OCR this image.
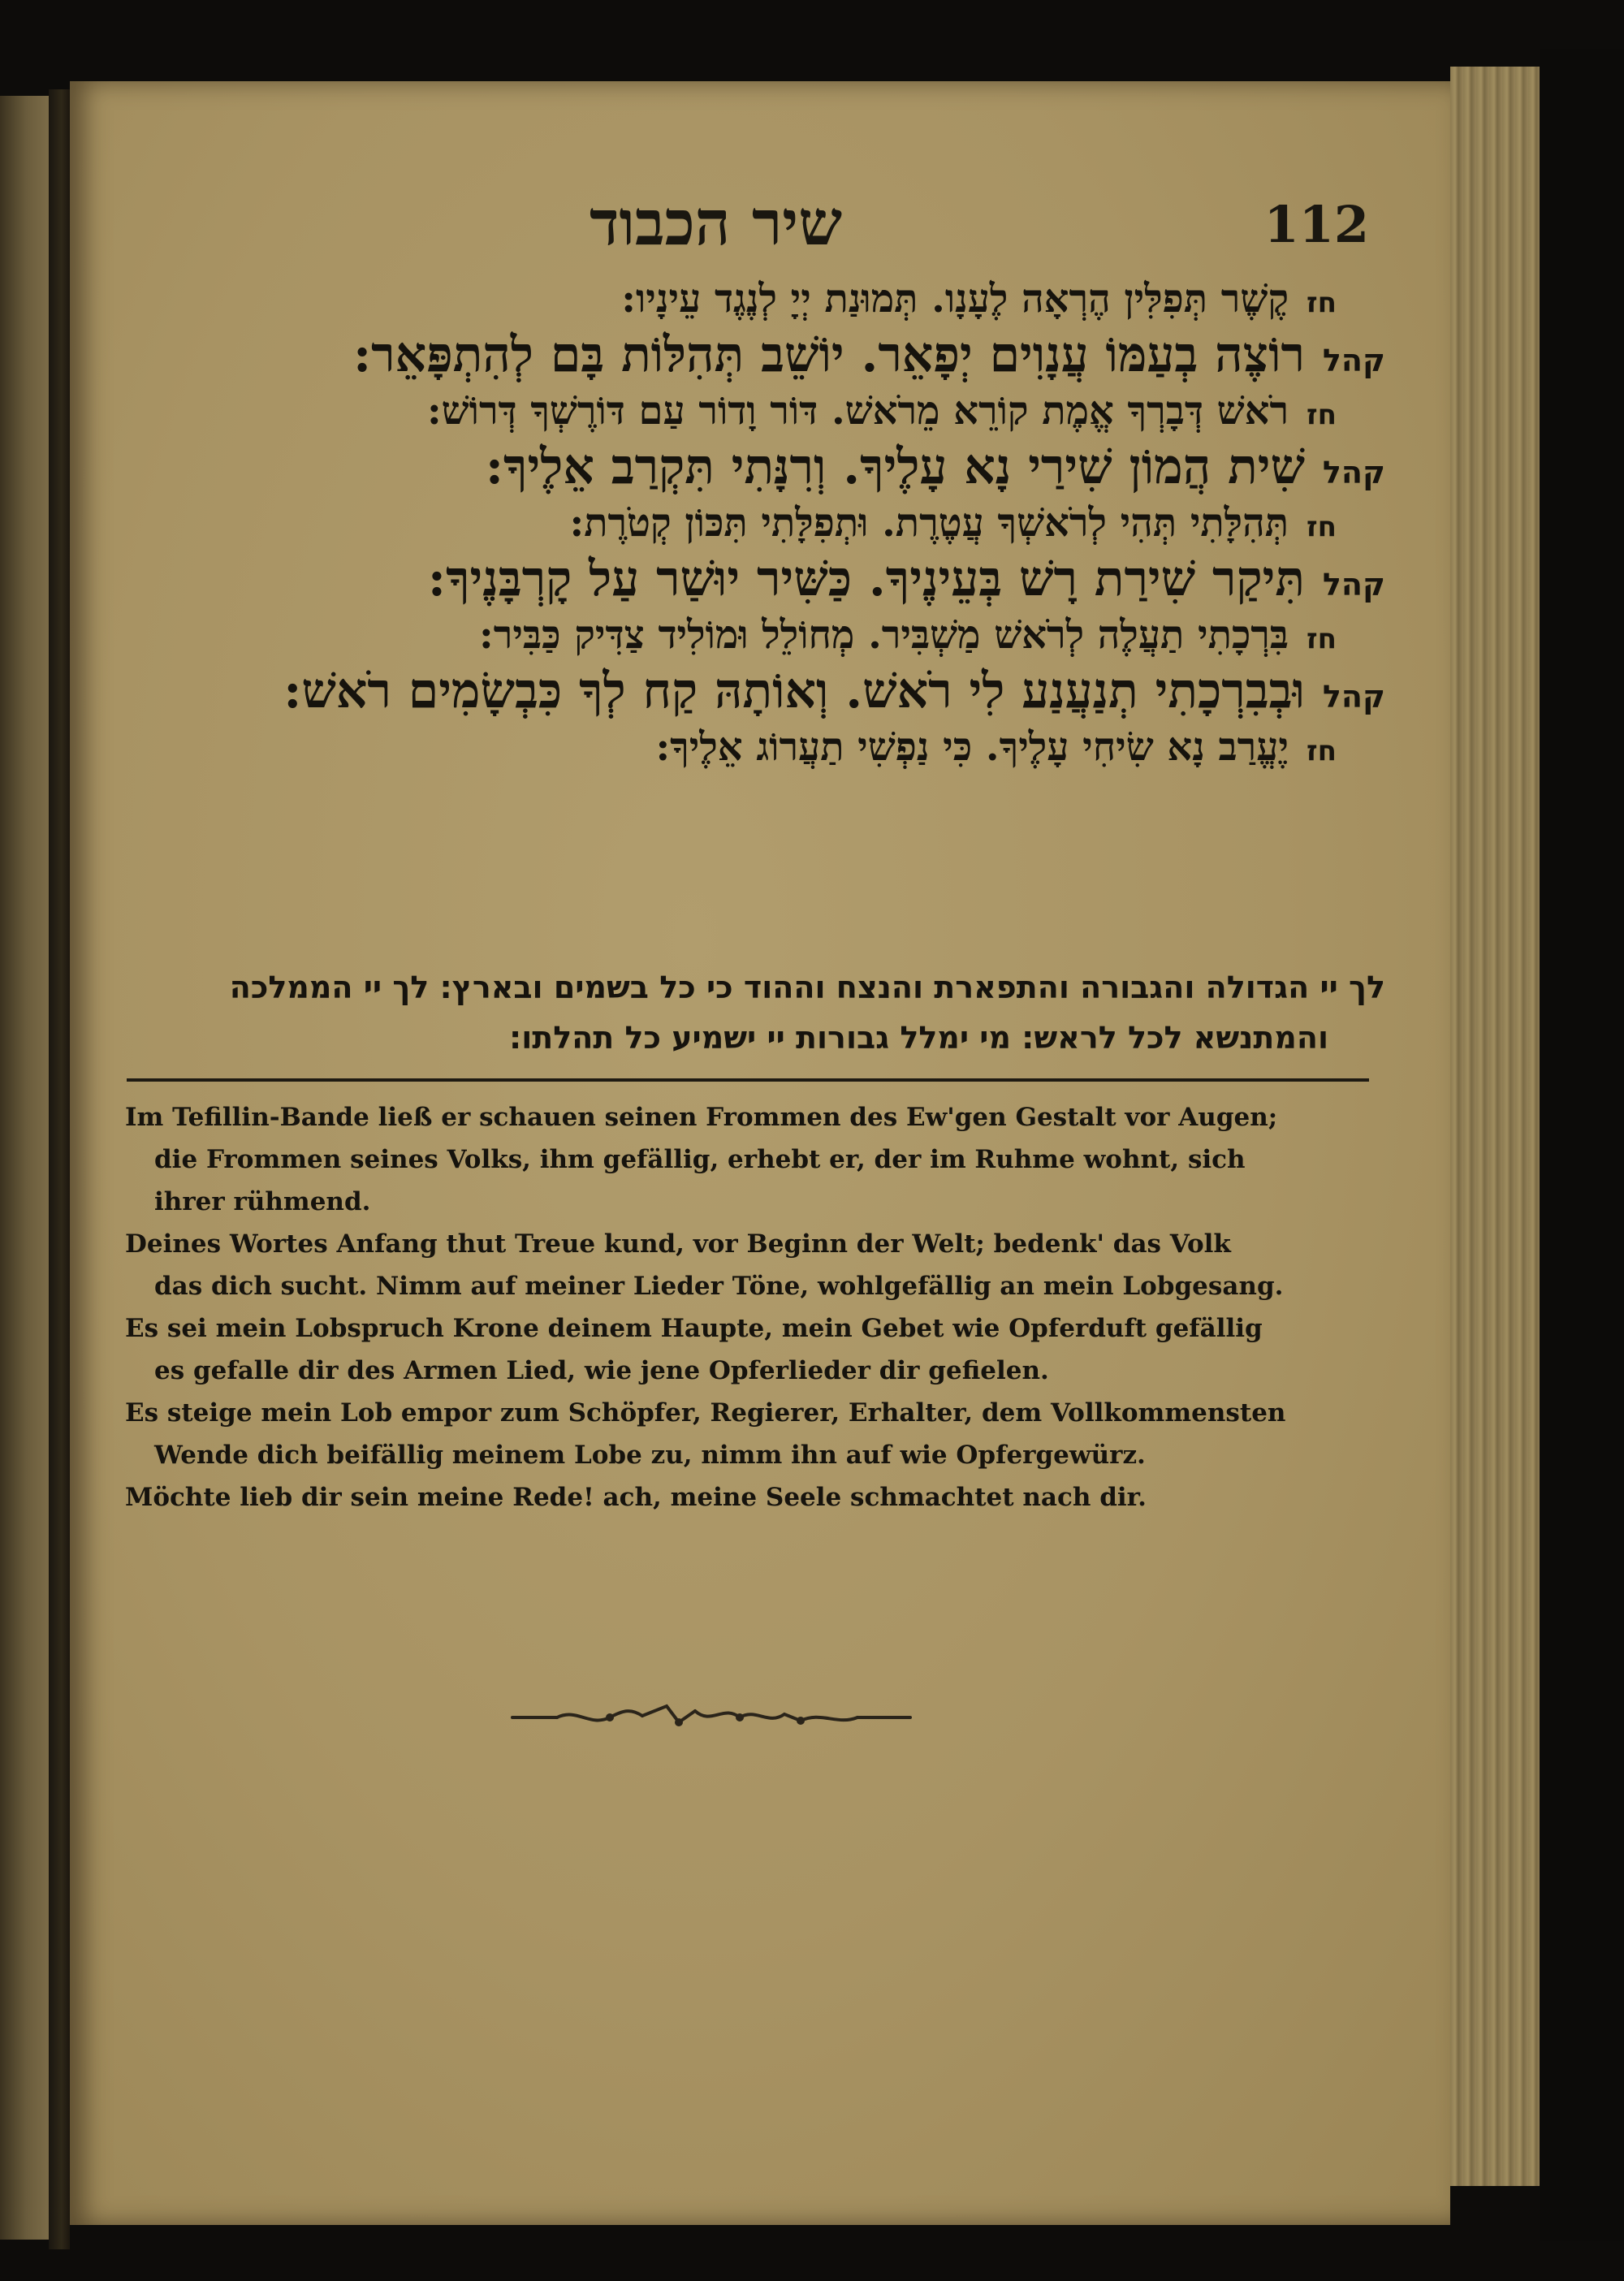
שיר הכבוד	112
חז
קֶשֶׁר תְּפִלִּין הֶרְאָה לֶעָנָו. תְּמוּנַת יְיָ לְנֶגֶד עֵינָיו:
קהל
רוֹצֶה בְעַמּוֹ עֲנָוִים יְפָאֵר. יוֹשֵׁב תְּהִלּוֹת בָּם לְהִתְפָּאֵר:
חז
רֹאשׁ דְּבָרְךָ אֱמֶת קוֹרֵא מֵרֹאשׁ. דּוֹר וָדוֹר עַם דּוֹרֶשְׁךָ דְּרוֹשׁ:
קהל
שִׁית הֲמוֹן שִׁירַי נָא עָלֶיךָ. וְרִנָּתִי תִּקְרַב אֵלֶיךָ:
חז
תְּהִלָּתִי תְּהִי לְרֹאשְׁךָ עֲטֶרֶת. וּתְפִלָּתִי תִּכּוֹן קְטֹרֶת:
קהל
תִּיקַר שִׁירַת רָשׁ בְּעֵינֶיךָ. כַּשִּׁיר יוּשַׁר עַל קָרְבָּנֶיךָ:
חז
בִּרְכָתִי תַעֲלֶה לְרֹאשׁ מַשְׁבִּיר. מְחוֹלֵל וּמוֹלִיד צַדִּיק כַּבִּיר:
קהל
וּבְבִרְכָתִי תְנַעֲנַע לִי רֹאשׁ. וְאוֹתָהּ קַח לְךָ כִּבְשָׂמִים רֹאשׁ:
חז
יֶעֱרַב נָא שִׂיחִי עָלֶיךָ. כִּי נַפְשִׁי תַעֲרוֹג אֵלֶיךָ:
לך יי הגדולה והגבורה והתפארת והנצח וההוד כי כל בשמים ובארץ: לך יי הממלכה
והמתנשא לכל לראש: מי ימלל גבורות יי ישמיע כל תהלתו:
Im Tefillin-Bande ließ er schauen seinen Frommen des Ew'gen Gestalt vor Augen;
die Frommen seines Volks, ihm gefällig, erhebt er, der im Ruhme wohnt, sich
ihrer rühmend.
Deines Wortes Anfang thut Treue kund, vor Beginn der Welt; bedenk' das Volk
das dich sucht. Nimm auf meiner Lieder Töne, wohlgefällig an mein Lobgesang.
Es sei mein Lobspruch Krone deinem Haupte, mein Gebet wie Opferduft gefällig
es gefalle dir des Armen Lied, wie jene Opferlieder dir gefielen.
Es steige mein Lob empor zum Schöpfer, Regierer, Erhalter, dem Vollkommensten
Wende dich beifällig meinem Lobe zu, nimm ihn auf wie Opfergewürz.
Möchte lieb dir sein meine Rede! ach, meine Seele schmachtet nach dir.
